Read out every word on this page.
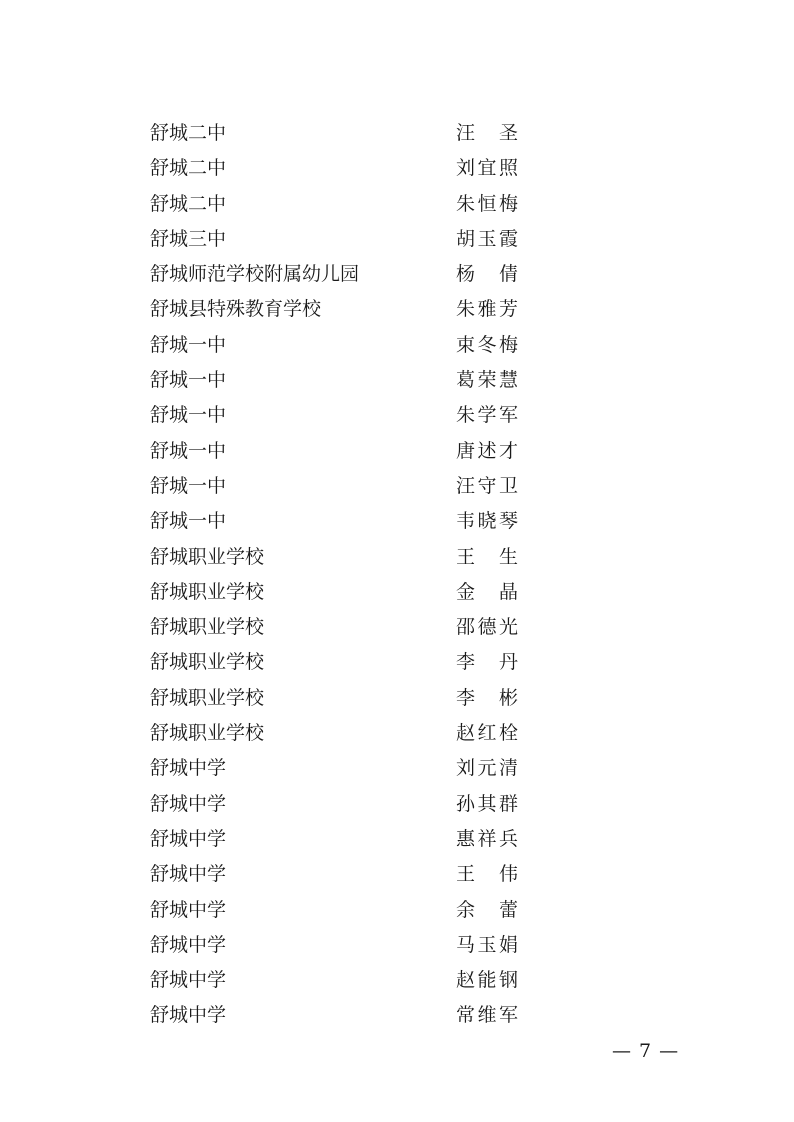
舒城二中	汪 圣
舒城二中	刘 宜 照
舒城二中	朱 恒 梅
舒城三中	胡 玉 霞
舒城师范学校附属幼儿园	杨 倩
舒城县特殊教育学校	朱 雅 芳
舒城一中	束 冬 梅
舒城一中	葛 荣 慧
舒城一中	朱 学 军
舒城一中	唐 述 才
舒城一中	汪 守 卫
舒城一中	韦 晓 琴
舒城职业学校	王 生
舒城职业学校	金 晶
舒城职业学校	邵 德 光
舒城职业学校	李 丹
舒城职业学校	李 彬
舒城职业学校	赵 红 栓
舒城中学	刘 元 清
舒城中学	孙 其 群
舒城中学	惠 祥 兵
舒城中学	王 伟
舒城中学	余 蕾
舒城中学	马 玉 娟
舒城中学	赵 能 钢
舒城中学	常 维 军
— 7 —
